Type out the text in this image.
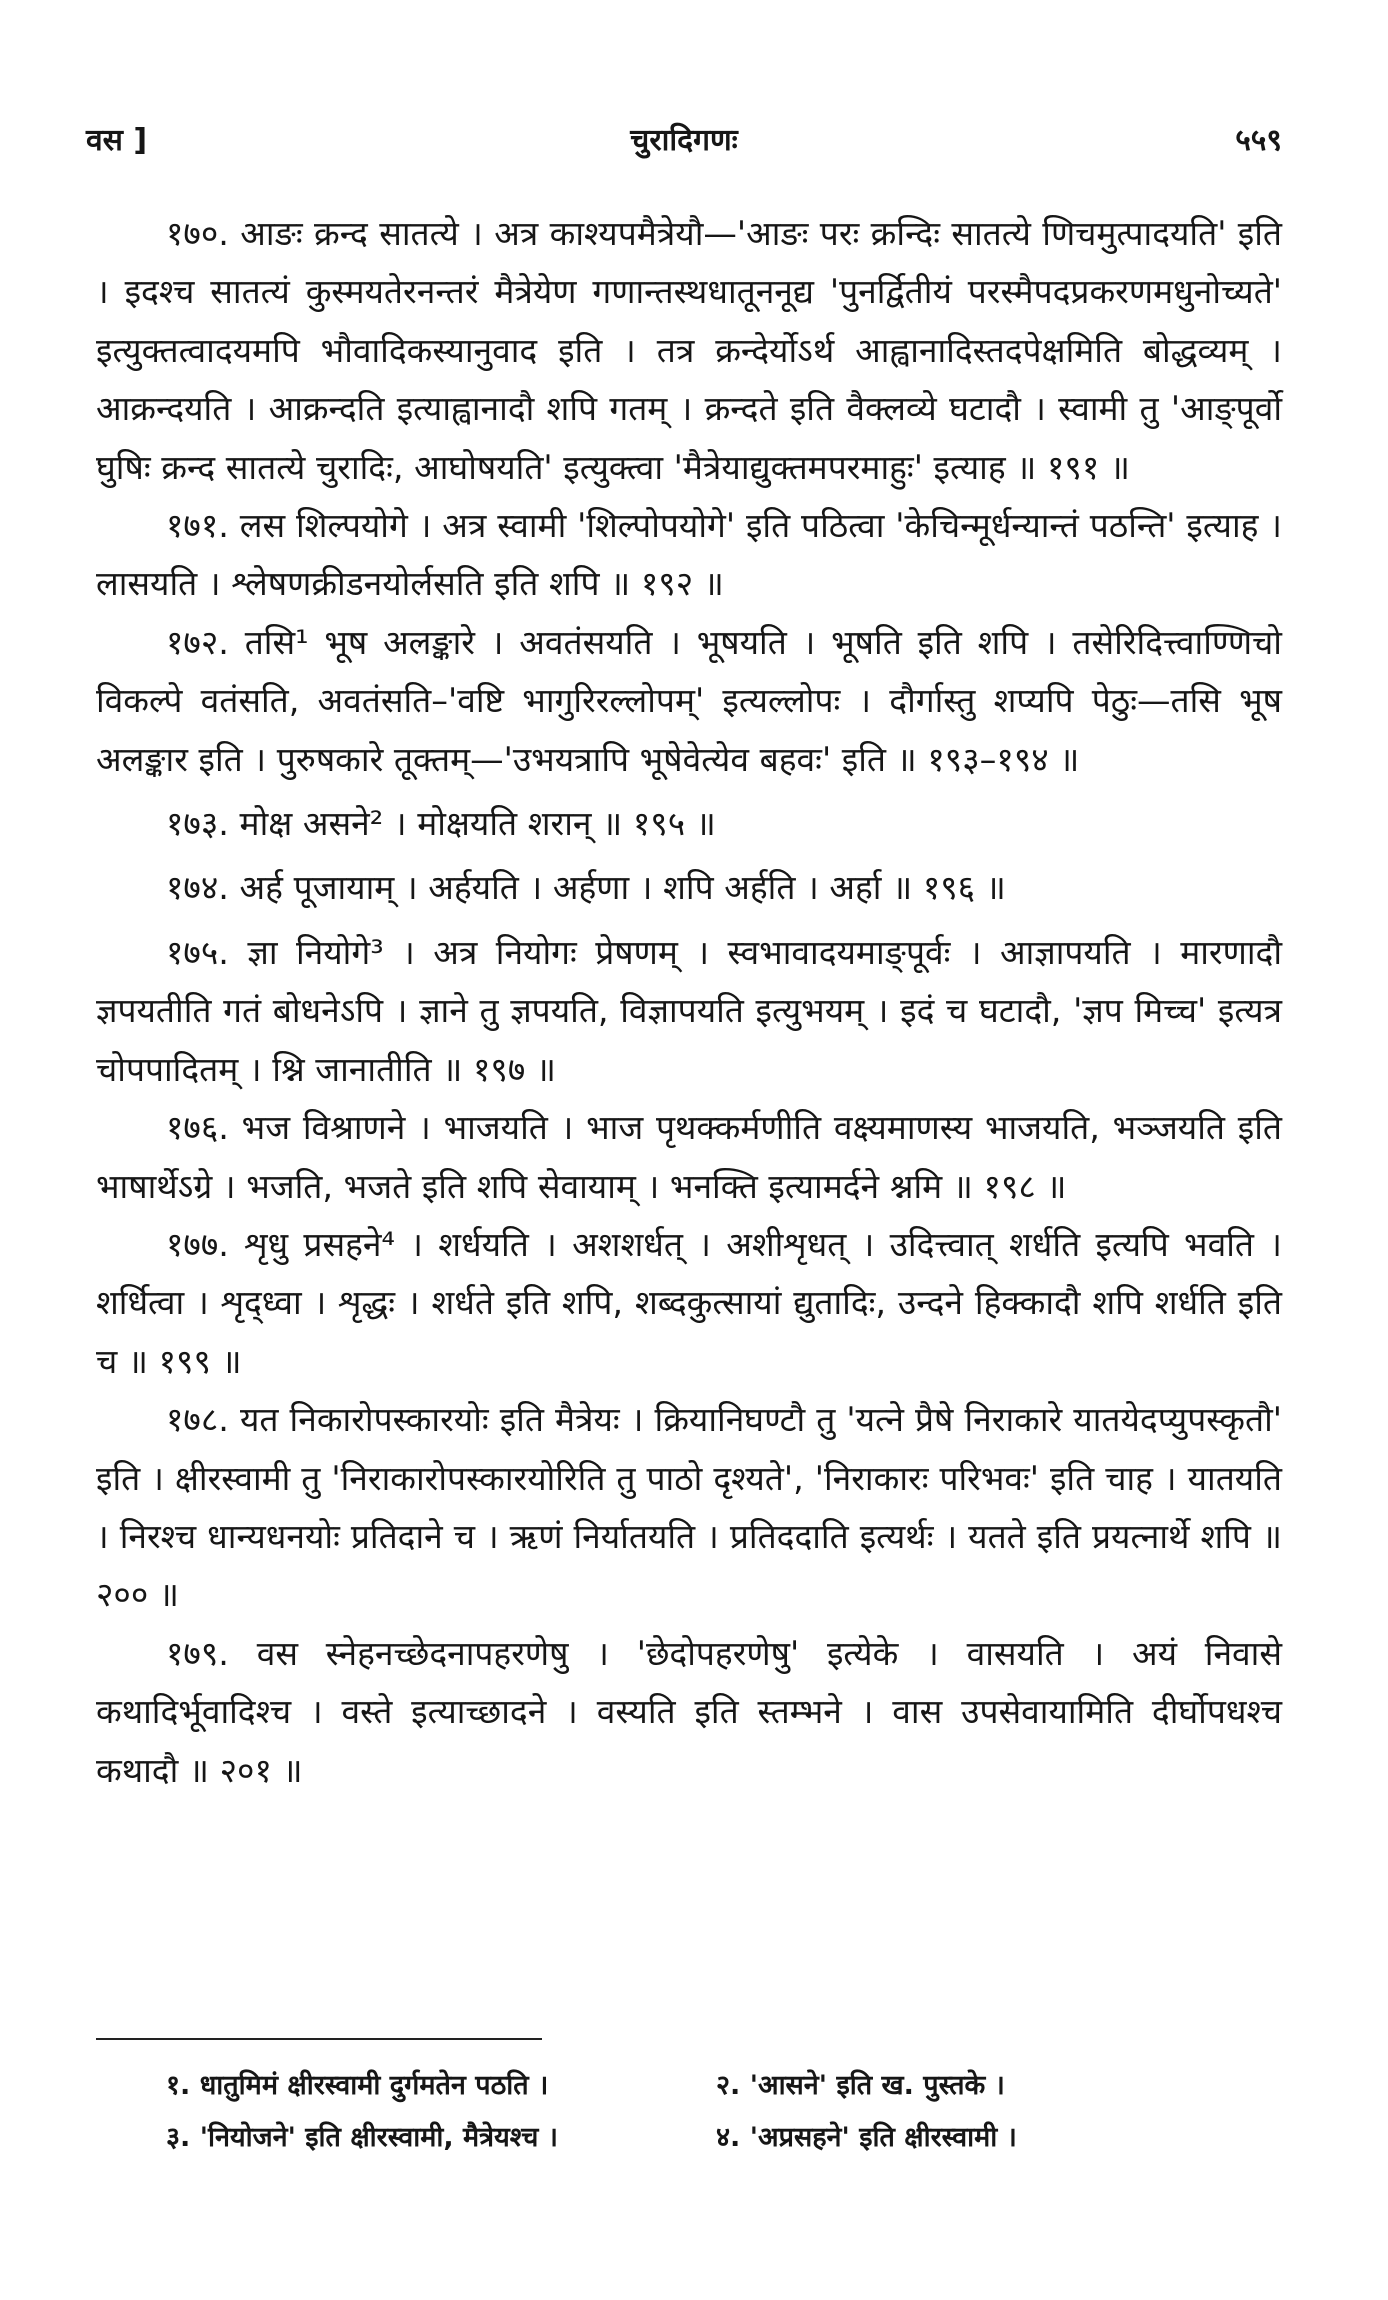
वस ]	चुरादिगणः	५५९

१७०. आङः क्रन्द सातत्ये । अत्र काश्यपमैत्रेयौ—'आङः परः क्रन्दिः सातत्ये णिचमुत्पादयति' इति । इदश्च सातत्यं कुस्मयतेरनन्तरं मैत्रेयेण गणान्तस्थधातूननूद्य 'पुनर्द्वितीयं परस्मैपदप्रकरणमधुनोच्यते' इत्युक्तत्वादयमपि भौवादिकस्यानुवाद इति । तत्र क्रन्देर्योऽर्थ आह्वानादिस्तदपेक्षमिति बोद्धव्यम् । आक्रन्दयति । आक्रन्दति इत्याह्वानादौ शपि गतम् । क्रन्दते इति वैक्लव्ये घटादौ । स्वामी तु 'आङ्पूर्वो घुषिः क्रन्द सातत्ये चुरादिः, आघोषयति' इत्युक्त्वा 'मैत्रेयाद्युक्तमपरमाहुः' इत्याह ॥ १९१ ॥

१७१. लस शिल्पयोगे । अत्र स्वामी 'शिल्पोपयोगे' इति पठित्वा 'केचिन्मूर्धन्यान्तं पठन्ति' इत्याह । लासयति । श्लेषणक्रीडनयोर्लसति इति शपि ॥ १९२ ॥

१७२. तसि¹ भूष अलङ्कारे । अवतंसयति । भूषयति । भूषति इति शपि । तसेरिदित्त्वाण्णिचो विकल्पे वतंसति, अवतंसति–'वष्टि भागुरिरल्लोपम्' इत्यल्लोपः । दौर्गास्तु शप्यपि पेठुः—तसि भूष अलङ्कार इति । पुरुषकारे तूक्तम्—'उभयत्रापि भूषेवेत्येव बहवः' इति ॥ १९३–१९४ ॥

१७३. मोक्ष असने² । मोक्षयति शरान् ॥ १९५ ॥

१७४. अर्ह पूजायाम् । अर्हयति । अर्हणा । शपि अर्हति । अर्हा ॥ १९६ ॥

१७५. ज्ञा नियोगे³ । अत्र नियोगः प्रेषणम् । स्वभावादयमाङ्पूर्वः । आज्ञापयति । मारणादौ ज्ञपयतीति गतं बोधनेऽपि । ज्ञाने तु ज्ञपयति, विज्ञापयति इत्युभयम् । इदं च घटादौ, 'ज्ञप मिच्च' इत्यत्र चोपपादितम् । श्नि जानातीति ॥ १९७ ॥

१७६. भज विश्राणने । भाजयति । भाज पृथक्कर्मणीति वक्ष्यमाणस्य भाजयति, भञ्जयति इति भाषार्थेऽग्रे । भजति, भजते इति शपि सेवायाम् । भनक्ति इत्यामर्दने श्नमि ॥ १९८ ॥

१७७. शृधु प्रसहने⁴ । शर्धयति । अशशर्धत् । अशीशृधत् । उदित्त्वात् शर्धति इत्यपि भवति । शर्धित्वा । शृद्ध्वा । शृद्धः । शर्धते इति शपि, शब्दकुत्सायां द्युतादिः, उन्दने हिक्कादौ शपि शर्धति इति च ॥ १९९ ॥

१७८. यत निकारोपस्कारयोः इति मैत्रेयः । क्रियानिघण्टौ तु 'यत्ने प्रैषे निराकारे यातयेदप्युपस्कृतौ' इति । क्षीरस्वामी तु 'निराकारोपस्कारयोरिति तु पाठो दृश्यते', 'निराकारः परिभवः' इति चाह । यातयति । निरश्च धान्यधनयोः प्रतिदाने च । ऋणं निर्यातयति । प्रतिददाति इत्यर्थः । यतते इति प्रयत्नार्थे शपि ॥ २०० ॥

१७९. वस स्नेहनच्छेदनापहरणेषु । 'छेदोपहरणेषु' इत्येके । वासयति । अयं निवासे कथादिर्भूवादिश्च । वस्ते इत्याच्छादने । वस्यति इति स्तम्भने । वास उपसेवायामिति दीर्घोपधश्च कथादौ ॥ २०१ ॥

१. धातुमिमं क्षीरस्वामी दुर्गमतेन पठति ।	२. 'आसने' इति ख. पुस्तके ।
३. 'नियोजने' इति क्षीरस्वामी, मैत्रेयश्च ।	४. 'अप्रसहने' इति क्षीरस्वामी ।
